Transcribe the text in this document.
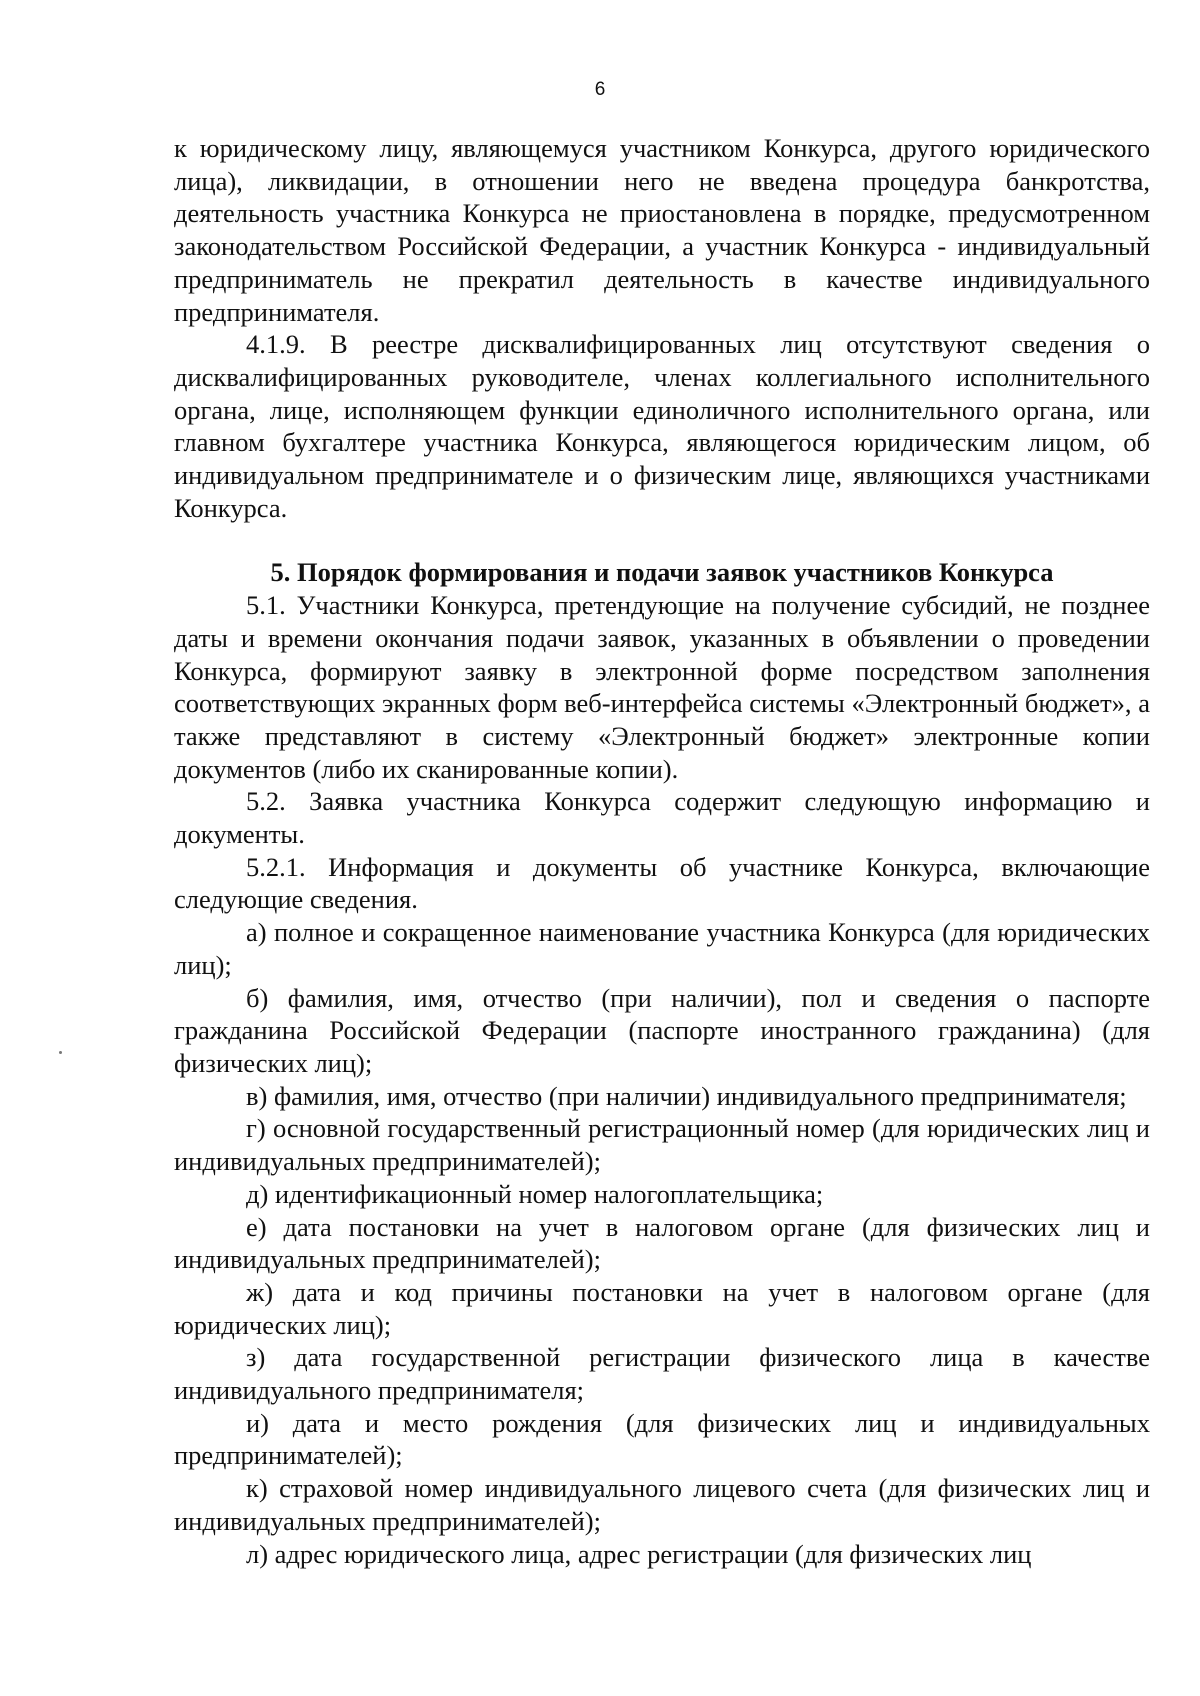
6

к юридическому лицу, являющемуся участником Конкурса, другого юридического лица), ликвидации, в отношении него не введена процедура банкротства, деятельность участника Конкурса не приостановлена в порядке, предусмотренном законодательством Российской Федерации, а участник Конкурса - индивидуальный предприниматель не прекратил деятельность в качестве индивидуального предпринимателя.

4.1.9. В реестре дисквалифицированных лиц отсутствуют сведения о дисквалифицированных руководителе, членах коллегиального исполнительного органа, лице, исполняющем функции единоличного исполнительного органа, или главном бухгалтере участника Конкурса, являющегося юридическим лицом, об индивидуальном предпринимателе и о физическим лице, являющихся участниками Конкурса.

5. Порядок формирования и подачи заявок участников Конкурса

5.1. Участники Конкурса, претендующие на получение субсидий, не позднее даты и времени окончания подачи заявок, указанных в объявлении о проведении Конкурса, формируют заявку в электронной форме посредством заполнения соответствующих экранных форм веб-интерфейса системы «Электронный бюджет», а также представляют в систему «Электронный бюджет» электронные копии документов (либо их сканированные копии).

5.2. Заявка участника Конкурса содержит следующую информацию и документы.

5.2.1. Информация и документы об участнике Конкурса, включающие следующие сведения.

а) полное и сокращенное наименование участника Конкурса (для юридических лиц);

б) фамилия, имя, отчество (при наличии), пол и сведения о паспорте гражданина Российской Федерации (паспорте иностранного гражданина) (для физических лиц);

в) фамилия, имя, отчество (при наличии) индивидуального предпринимателя;

г) основной государственный регистрационный номер (для юридических лиц и индивидуальных предпринимателей);

д) идентификационный номер налогоплательщика;

е) дата постановки на учет в налоговом органе (для физических лиц и индивидуальных предпринимателей);

ж) дата и код причины постановки на учет в налоговом органе (для юридических лиц);

з) дата государственной регистрации физического лица в качестве индивидуального предпринимателя;

и) дата и место рождения (для физических лиц и индивидуальных предпринимателей);

к) страховой номер индивидуального лицевого счета (для физических лиц и индивидуальных предпринимателей);

л) адрес юридического лица, адрес регистрации (для физических лиц
